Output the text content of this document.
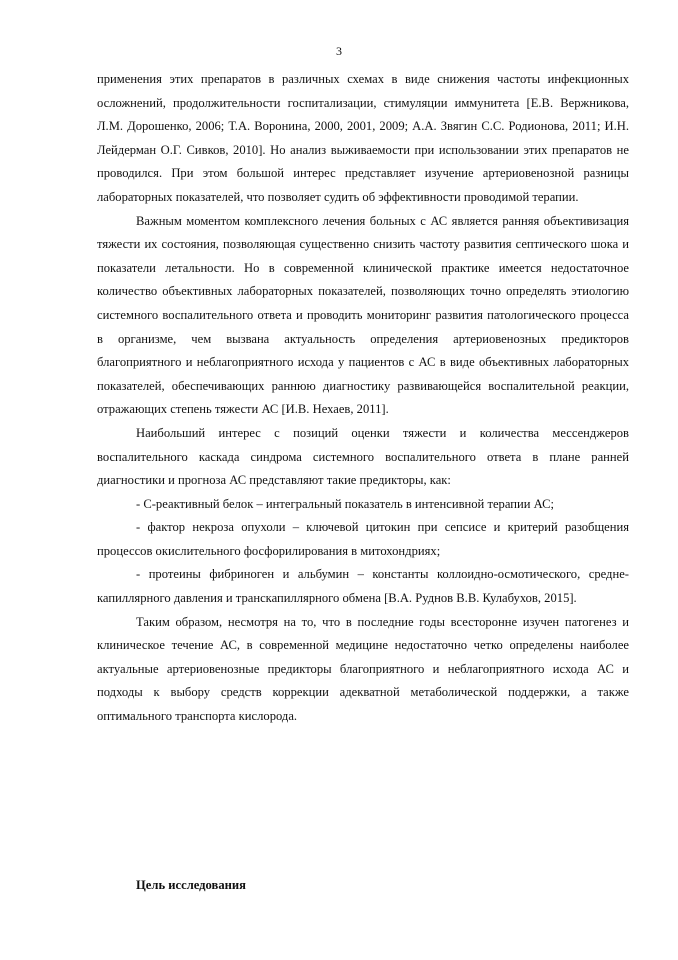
3

применения этих препаратов в различных схемах в виде снижения частоты инфекционных осложнений, продолжительности госпитализации, стимуляции иммунитета [Е.В. Вержникова, Л.М. Дорошенко, 2006; Т.А. Воронина, 2000, 2001, 2009; А.А. Звягин С.С. Родионова, 2011; И.Н. Лейдерман О.Г. Сивков, 2010]. Но анализ выживаемости при использовании этих препаратов не проводился. При этом большой интерес представляет изучение артериовенозной разницы лабораторных показателей, что позволяет судить об эффективности проводимой терапии.

Важным моментом комплексного лечения больных с АС является ранняя объективизация тяжести их состояния, позволяющая существенно снизить частоту развития септического шока и показатели летальности. Но в современной клинической практике имеется недостаточное количество объективных лабораторных показателей, позволяющих точно определять этиологию системного воспалительного ответа и проводить мониторинг развития патологического процесса в организме, чем вызвана актуальность определения артериовенозных предикторов благоприятного и неблагоприятного исхода у пациентов с АС в виде объективных лабораторных показателей, обеспечивающих раннюю диагностику развивающейся воспалительной реакции, отражающих степень тяжести АС [И.В. Нехаев, 2011].

Наибольший интерес с позиций оценки тяжести и количества мессенджеров воспалительного каскада синдрома системного воспалительного ответа в плане ранней диагностики и прогноза АС представляют такие предикторы, как:

- С-реактивный белок – интегральный показатель в интенсивной терапии АС;

- фактор некроза опухоли – ключевой цитокин при сепсисе и критерий разобщения процессов окислительного фосфорилирования в митохондриях;

- протеины фибриноген и альбумин – константы коллоидно-осмотического, средне-капиллярного давления и транскапиллярного обмена [В.А. Руднов В.В. Кулабухов, 2015].

Таким образом, несмотря на то, что в последние годы всесторонне изучен патогенез и клиническое течение АС, в современной медицине недостаточно четко определены наиболее актуальные артериовенозные предикторы благоприятного и неблагоприятного исхода АС и подходы к выбору средств коррекции адекватной метаболической поддержки, а также оптимального транспорта кислорода.

Цель исследования
